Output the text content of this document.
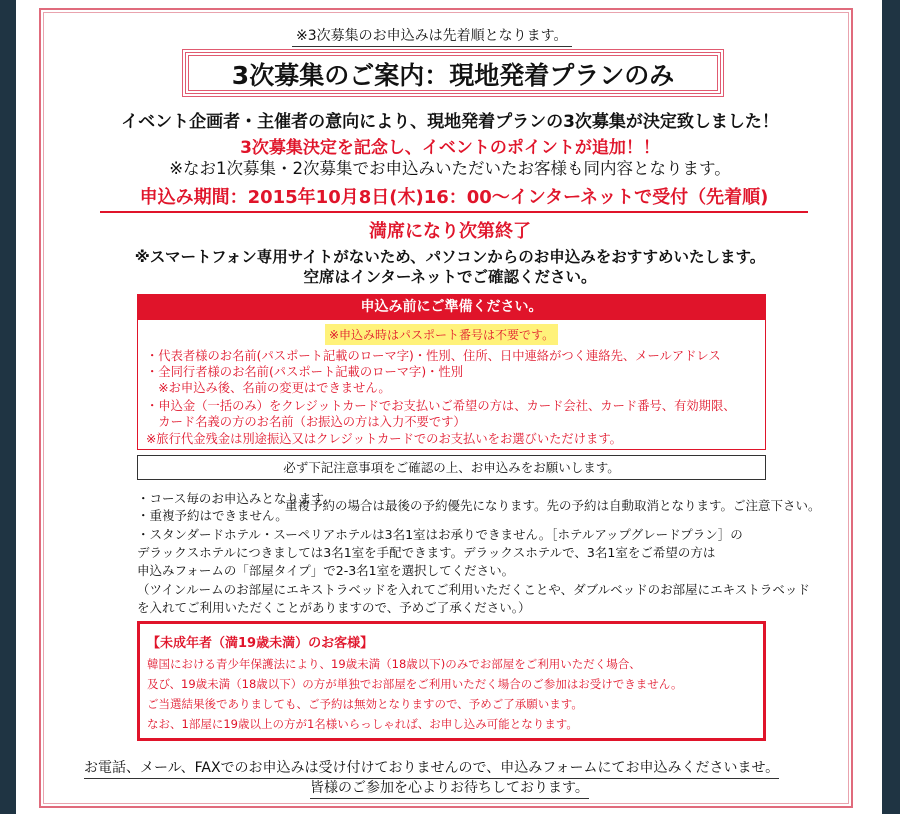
※3次募集のお申込みは先着順となります。
3次募集のご案内：現地発着プランのみ
イベント企画者・主催者の意向により、現地発着プランの3次募集が決定致しました！
3次募集決定を記念し、イベントのポイントが追加！！
※なお1次募集・2次募集でお申込みいただいたお客様も同内容となります。
申込み期間：2015年10月8日(木)16：00～インターネットで受付（先着順)
満席になり次第終了
※スマートフォン専用サイトがないため、パソコンからのお申込みをおすすめいたします。
空席はインターネットでご確認ください。
申込み前にご準備ください。
※申込み時はパスポート番号は不要です。
・代表者様のお名前(パスポート記載のローマ字)・性別、住所、日中連絡がつく連絡先、メールアドレス
・全同行者様のお名前(パスポート記載のローマ字)・性別
　※お申込み後、名前の変更はできません。
・申込金（一括のみ）をクレジットカードでお支払いご希望の方は、カード会社、カード番号、有効期限、
　カード名義の方のお名前（お振込の方は入力不要です）
※旅行代金残金は別途振込又はクレジットカードでのお支払いをお選びいただけます。
必ず下記注意事項をご確認の上、お申込みをお願いします。
・コース毎のお申込みとなります。
重複予約の場合は最後の予約優先になります。先の予約は自動取消となります。ご注意下さい。
・重複予約はできません。
・スタンダードホテル・スーペリアホテルは3名1室はお承りできません。［ホテルアップグレードプラン］の
デラックスホテルにつきましては3名1室を手配できます。デラックスホテルで、3名1室をご希望の方は
申込みフォームの「部屋タイプ」で2-3名1室を選択してください。
（ツインルームのお部屋にエキストラベッドを入れてご利用いただくことや、ダブルベッドのお部屋にエキストラベッド
を入れてご利用いただくことがありますので、予めご了承ください。）
【未成年者（満19歳未満）のお客様】
韓国における青少年保護法により、19歳未満（18歳以下)のみでお部屋をご利用いただく場合、
及び、19歳未満（18歳以下）の方が単独でお部屋をご利用いただく場合のご参加はお受けできません。
ご当選結果後でありましても、ご予約は無効となりますので、予めご了承願います。
なお、1部屋に19歳以上の方が1名様いらっしゃれば、お申し込み可能となります。
お電話、メール、FAXでのお申込みは受け付けておりませんので、申込みフォームにてお申込みくださいませ。
皆様のご参加を心よりお待ちしております。
